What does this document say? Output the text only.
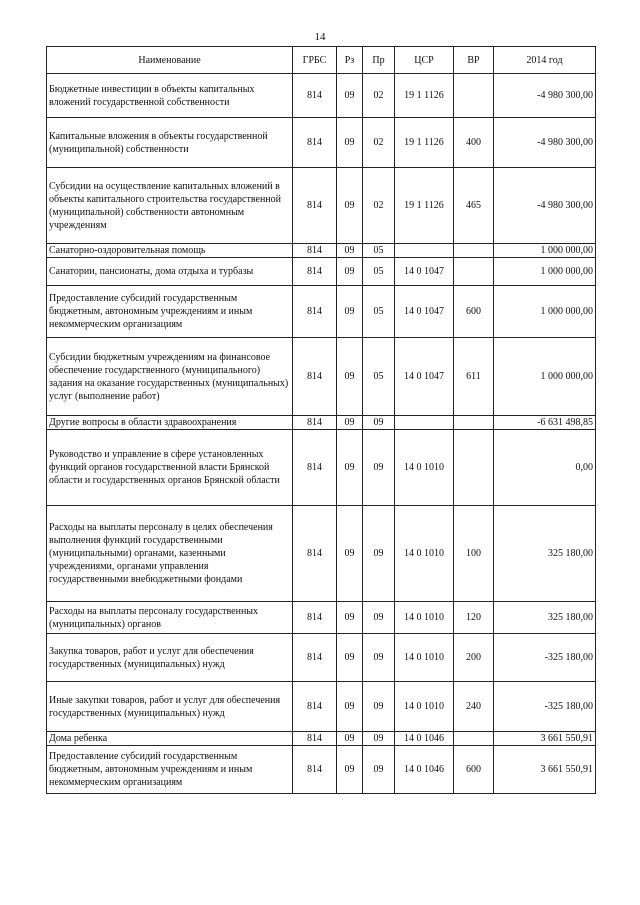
14
Наименование	ГРБС	Рз	Пр	ЦСР	ВР	2014 год
Бюджетные инвестиции в объекты капитальных вложений государственной собственности	814	09	02	19 1 1126		-4 980 300,00
Капитальные вложения в объекты государственной (муниципальной) собственности	814	09	02	19 1 1126	400	-4 980 300,00
Субсидии на осуществление капитальных вложений в объекты капитального строительства государственной (муниципальной) собственности автономным учреждениям	814	09	02	19 1 1126	465	-4 980 300,00
Санаторно-оздоровительная помощь	814	09	05			1 000 000,00
Санатории, пансионаты, дома отдыха и турбазы	814	09	05	14 0 1047		1 000 000,00
Предоставление субсидий государственным бюджетным, автономным учреждениям и иным некоммерческим организациям	814	09	05	14 0 1047	600	1 000 000,00
Субсидии бюджетным учреждениям на финансовое обеспечение государственного (муниципального) задания на оказание государственных (муниципальных) услуг (выполнение работ)	814	09	05	14 0 1047	611	1 000 000,00
Другие вопросы в области здравоохранения	814	09	09			-6 631 498,85
Руководство и управление в сфере установленных функций органов государственной власти Брянской области и государственных органов Брянской области	814	09	09	14 0 1010		0,00
Расходы на выплаты персоналу в целях обеспечения выполнения функций государственными (муниципальными) органами, казенными учреждениями, органами управления государственными внебюджетными фондами	814	09	09	14 0 1010	100	325 180,00
Расходы на выплаты персоналу государственных (муниципальных) органов	814	09	09	14 0 1010	120	325 180,00
Закупка товаров, работ и услуг для обеспечения государственных (муниципальных) нужд	814	09	09	14 0 1010	200	-325 180,00
Иные закупки товаров, работ и услуг для обеспечения государственных (муниципальных) нужд	814	09	09	14 0 1010	240	-325 180,00
Дома ребенка	814	09	09	14 0 1046		3 661 550,91
Предоставление субсидий государственным бюджетным, автономным учреждениям и иным некоммерческим организациям	814	09	09	14 0 1046	600	3 661 550,91
